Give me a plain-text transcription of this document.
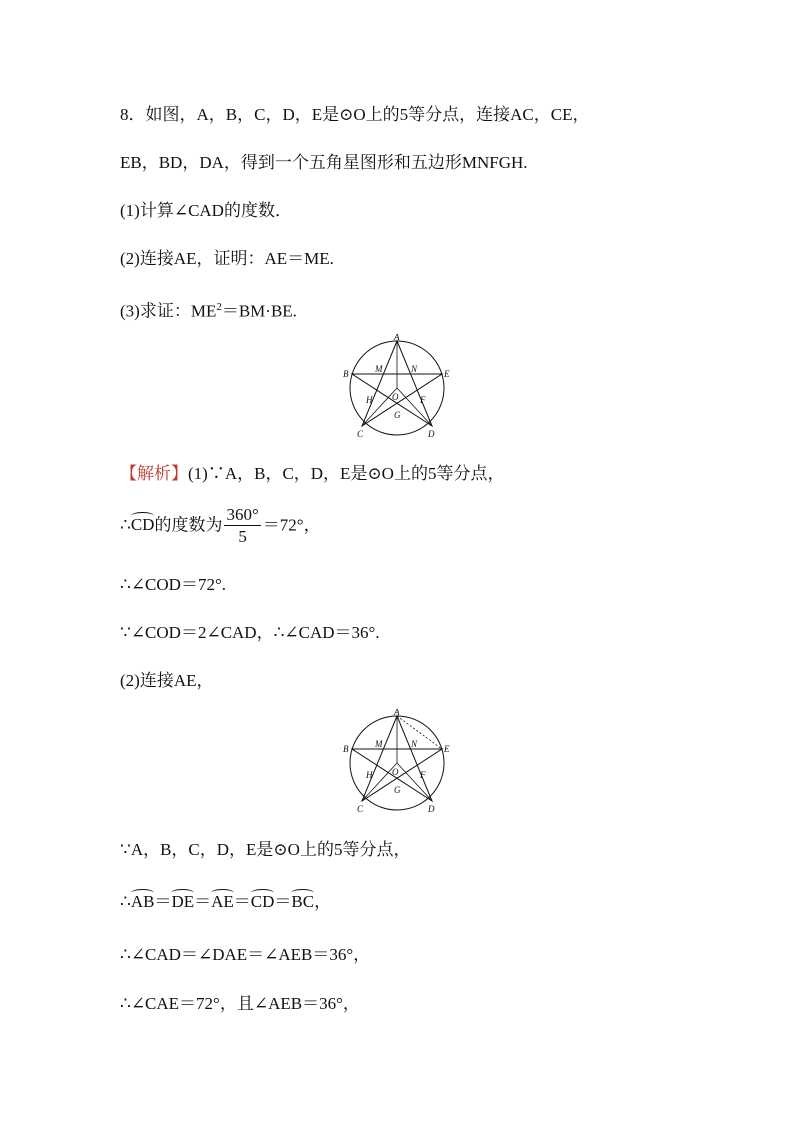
8．如图，A，B，C，D，E是⊙O上的5等分点，连接AC，CE，
EB，BD，DA，得到一个五角星图形和五边形MNFGH.
(1)计算∠CAD的度数．
(2)连接AE，证明：AE＝ME.
(3)求证：$ME^2=BM\cdot BE$.
A
B	E
C	D
M	N
H	F
G
O
【解析】(1)∵A，B，C，D，E是⊙O上的5等分点，
∴CD的度数为 $\frac{360^\circ}{5} =72^\circ$，
∴∠COD＝72°.
∵∠COD＝2∠CAD，∴∠CAD＝36°.
(2)连接AE，
A
B	E
C	D
M	N
H	F
G
O
∵A，B，C，D，E是⊙O上的5等分点，
∴AB＝DE＝AE＝CD＝BC，
∴∠CAD＝∠DAE＝∠AEB＝36°，
∴∠CAE＝72°，且∠AEB＝36°，
